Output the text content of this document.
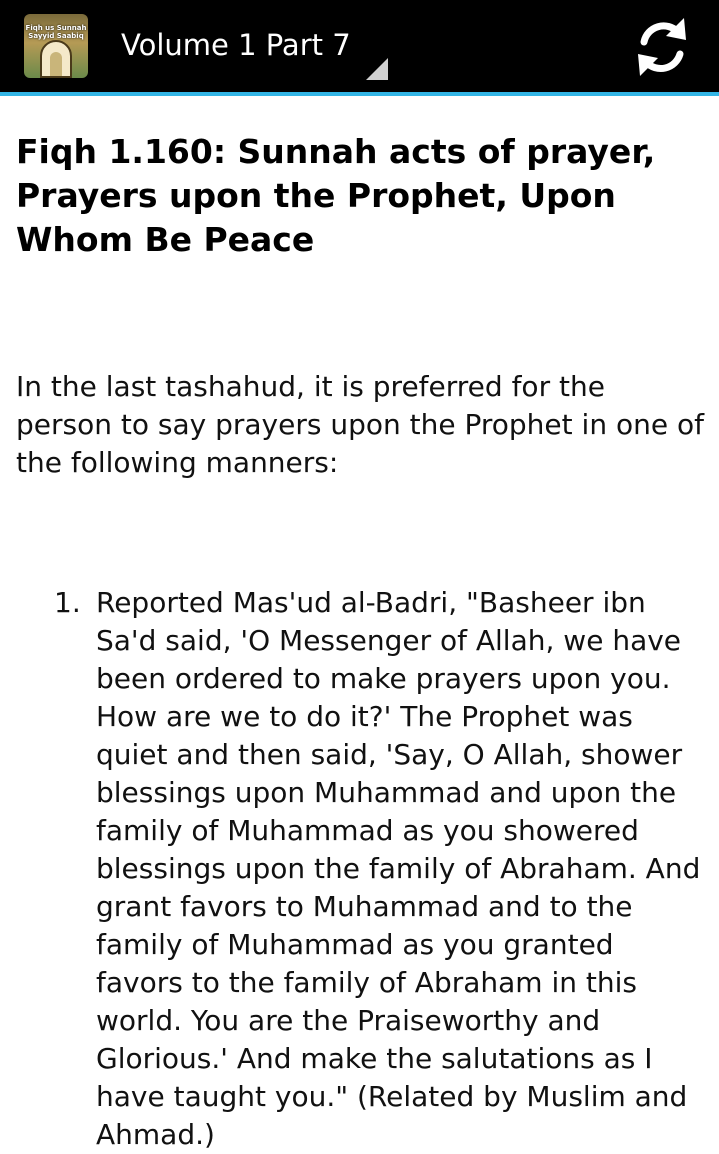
Fiqh us Sunnah Sayyid Saabiq Volume 1 Part 7
Fiqh 1.160: Sunnah acts of prayer, Prayers upon the Prophet, Upon Whom Be Peace

In the last tashahud, it is preferred for the person to say prayers upon the Prophet in one of the following manners:

1. Reported Mas'ud al-Badri, "Basheer ibn Sa'd said, 'O Messenger of Allah, we have been ordered to make prayers upon you. How are we to do it?' The Prophet was quiet and then said, 'Say, O Allah, shower blessings upon Muhammad and upon the family of Muhammad as you showered blessings upon the family of Abraham. And grant favors to Muhammad and to the family of Muhammad as you granted favors to the family of Abraham in this world. You are the Praiseworthy and Glorious.' And make the salutations as I have taught you." (Related by Muslim and Ahmad.)
